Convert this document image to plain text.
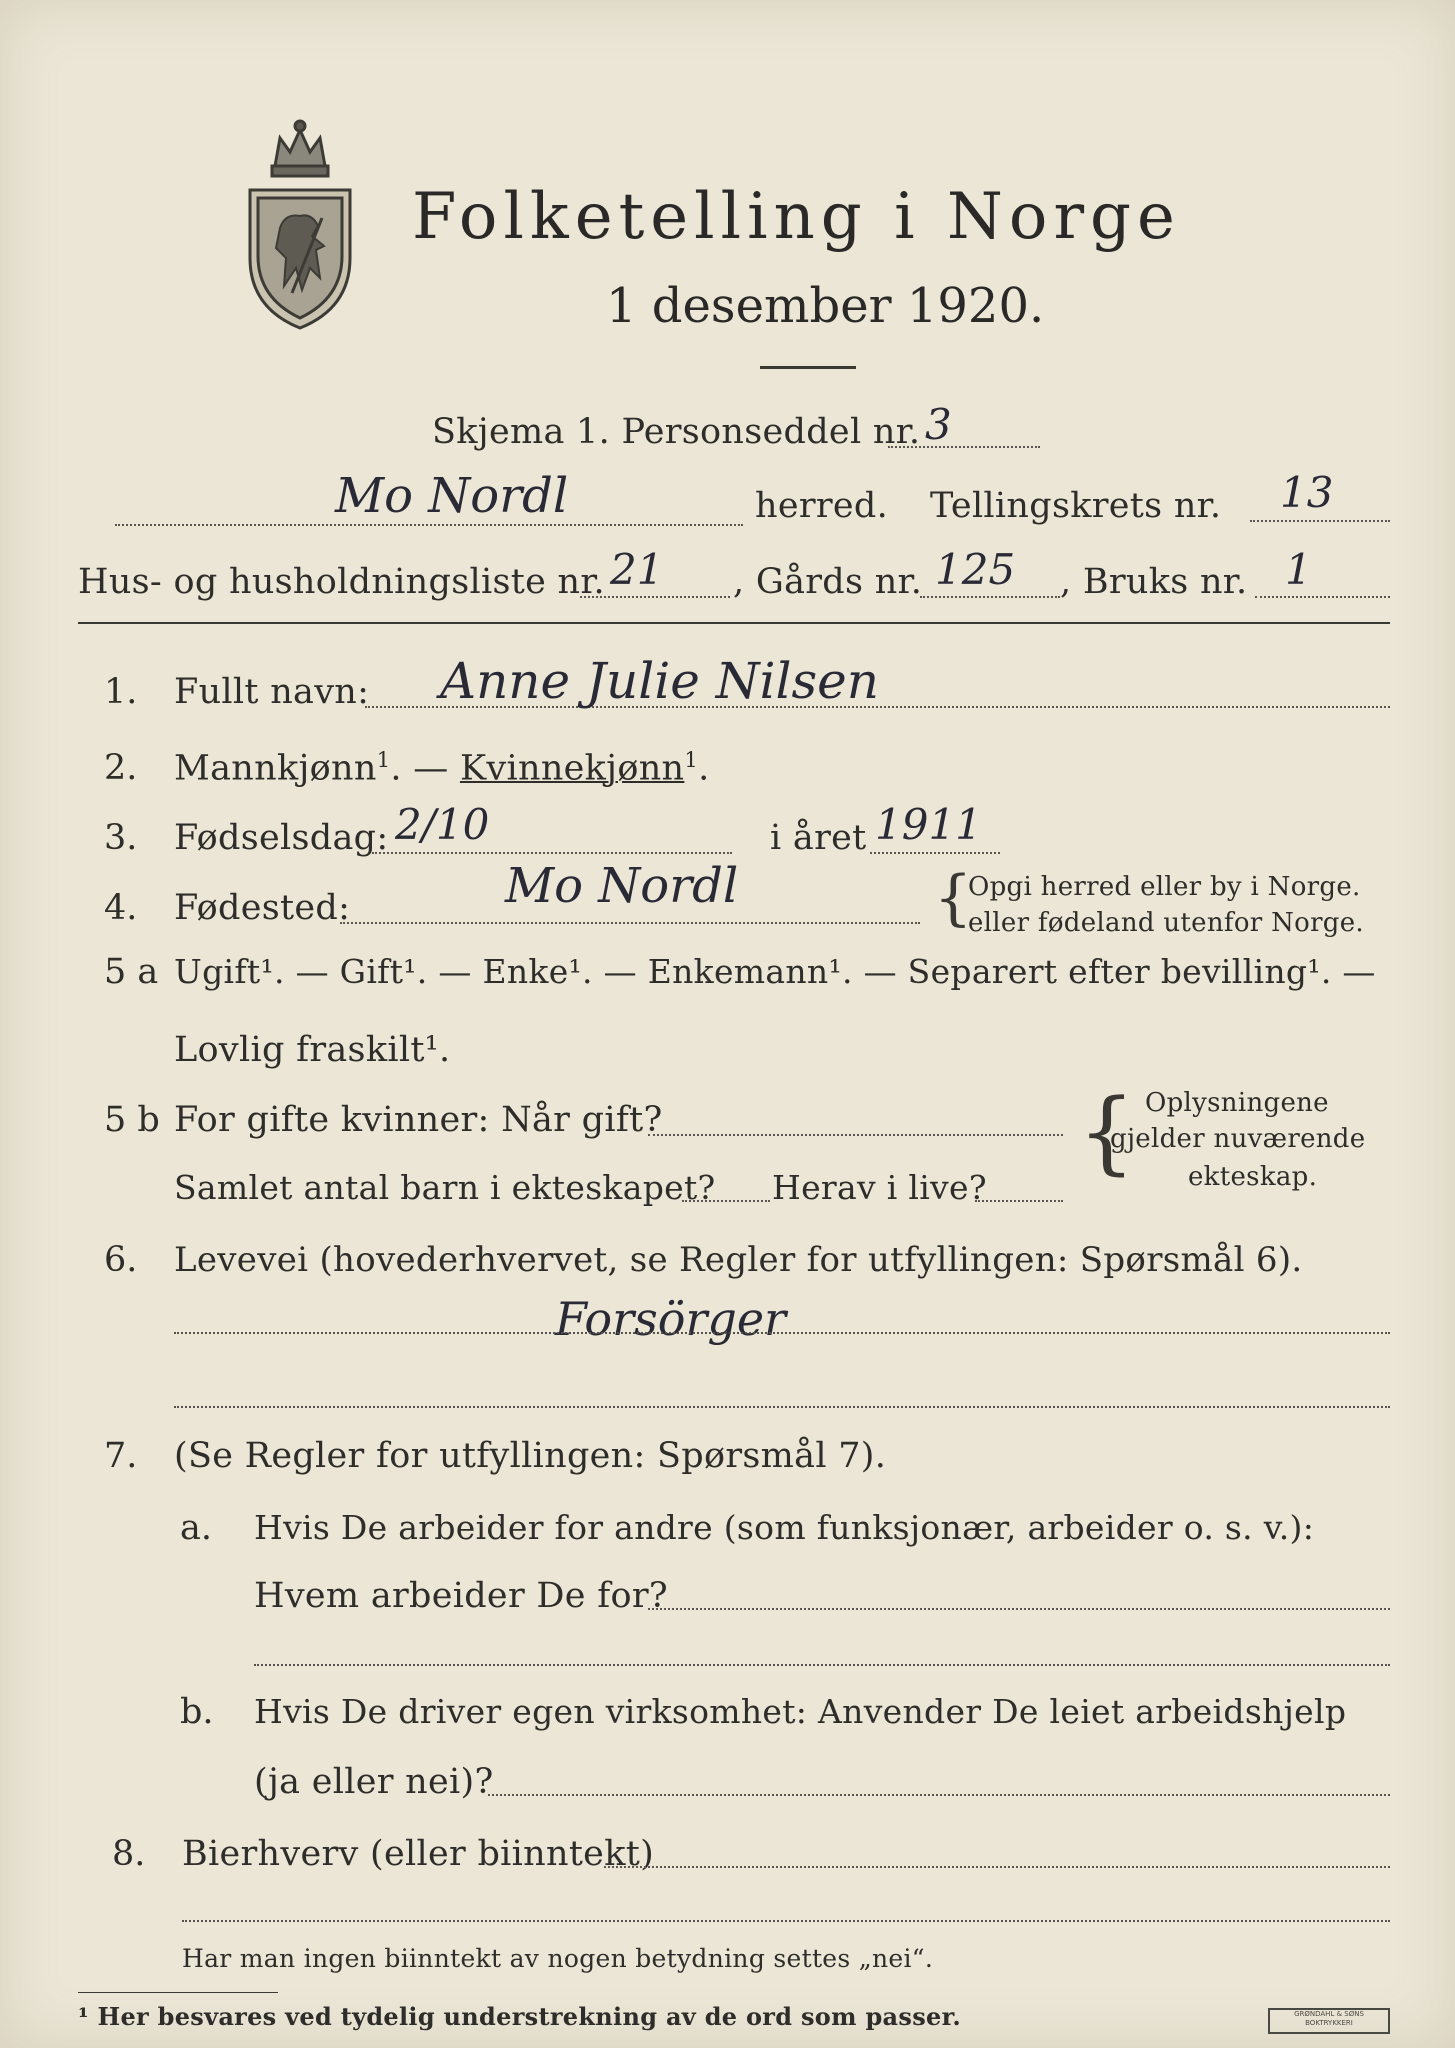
Folketelling i Norge
1 desember 1920.
Skjema 1. Personseddel nr. 3
Mo Nordl	herred. Tellingskrets nr. 13
Hus- og husholdningsliste nr. 21 , Gårds nr. 125 , Bruks nr. 1
1. Fullt navn: Anne Julie Nilsen
2. Mannkjønn$^1$. — Kvinnekjønn$^1$.
3. Fødselsdag: 2/10	i året 1911
4. Fødested:	Mo Nordl	{
Opgi herred eller by i Norge.
eller fødeland utenfor Norge.
5 a Ugift¹. — Gift¹. — Enke¹. — Enkemann¹. — Separert efter bevilling¹. —
Lovlig fraskilt¹.
5 b For gifte kvinner: Når gift?
Samlet antal barn i ekteskapet? Herav i live?
{ Oplysningene
gjelder nuværende
ekteskap.
6. Levevei (hovederhvervet, se Regler for utfyllingen: Spørsmål 6).
Forsörger
7. (Se Regler for utfyllingen: Spørsmål 7).
a. Hvis De arbeider for andre (som funksjonær, arbeider o. s. v.):
Hvem arbeider De for?
b. Hvis De driver egen virksomhet: Anvender De leiet arbeidshjelp
(ja eller nei)?
8. Bierhverv (eller biinntekt)
Har man ingen biinntekt av nogen betydning settes „nei“.
¹ Her besvares ved tydelig understrekning av de ord som passer.	GRØNDAHL & SØNS
BOKTRYKKERI
